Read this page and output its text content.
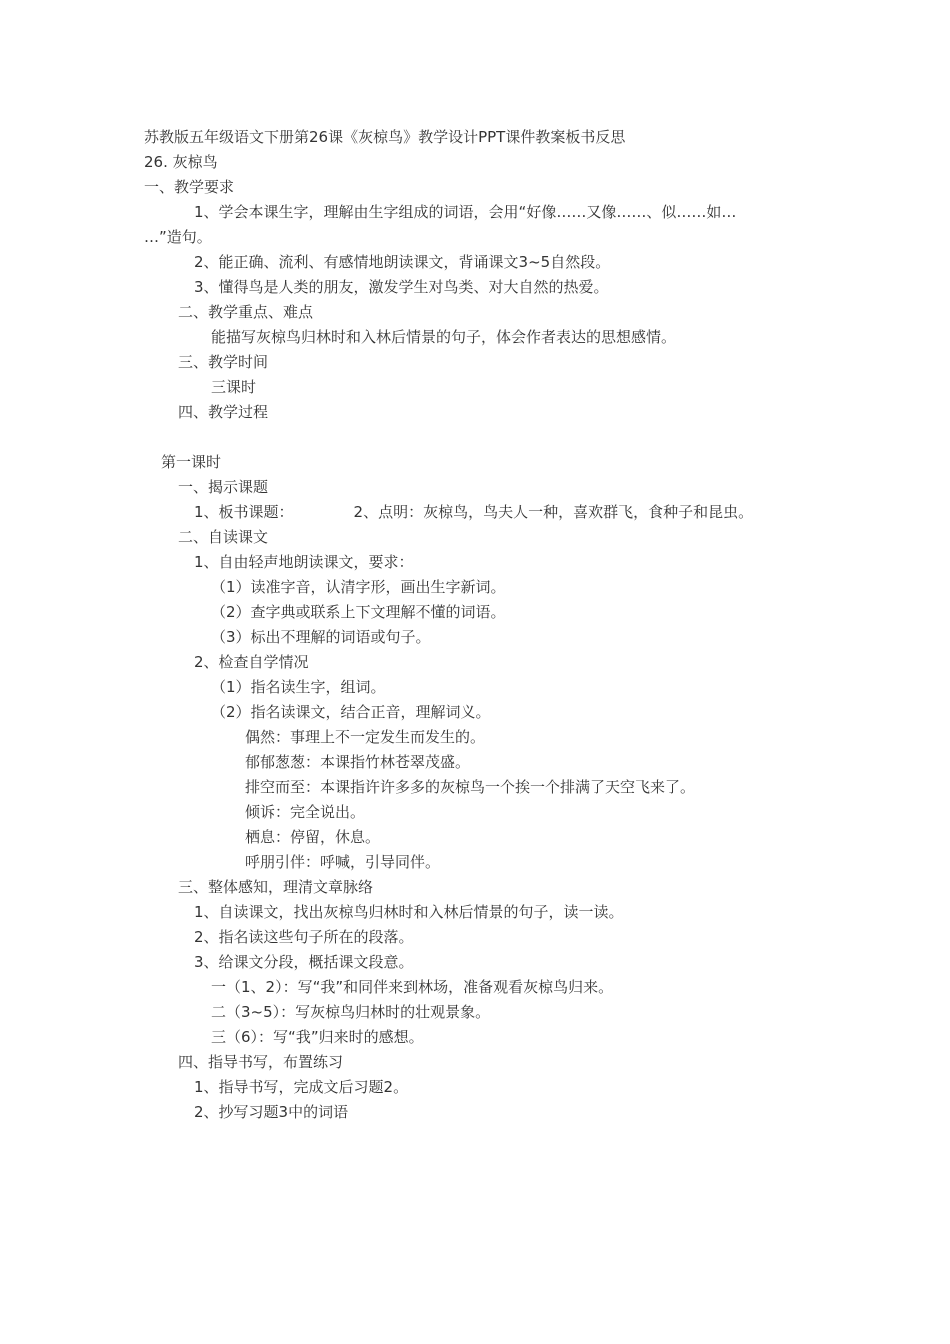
苏教版五年级语文下册第26课《灰椋鸟》教学设计PPT课件教案板书反思
26. 灰椋鸟
一、教学要求
1、学会本课生字，理解由生字组成的词语，会用“好像……又像……、似……如…
…”造句。
2、能正确、流利、有感情地朗读课文，背诵课文3~5自然段。
3、懂得鸟是人类的朋友，激发学生对鸟类、对大自然的热爱。
二、教学重点、难点
能描写灰椋鸟归林时和入林后情景的句子，体会作者表达的思想感情。
三、教学时间
三课时
四、教学过程
第一课时
一、揭示课题
1、板书课题：	2、点明：灰椋鸟，鸟夫人一种，喜欢群飞，食种子和昆虫。
二、自读课文
1、自由轻声地朗读课文，要求：
（1）读准字音，认清字形，画出生字新词。
（2）查字典或联系上下文理解不懂的词语。
（3）标出不理解的词语或句子。
2、检查自学情况
（1）指名读生字，组词。
（2）指名读课文，结合正音，理解词义。
偶然：事理上不一定发生而发生的。
郁郁葱葱：本课指竹林苍翠茂盛。
排空而至：本课指许许多多的灰椋鸟一个挨一个排满了天空飞来了。
倾诉：完全说出。
栖息：停留，休息。
呼朋引伴：呼喊，引导同伴。
三、整体感知，理清文章脉络
1、自读课文，找出灰椋鸟归林时和入林后情景的句子，读一读。
2、指名读这些句子所在的段落。
3、给课文分段，概括课文段意。
一（1、2）：写“我”和同伴来到林场，准备观看灰椋鸟归来。
二（3~5）：写灰椋鸟归林时的壮观景象。
三（6）：写“我”归来时的感想。
四、指导书写，布置练习
1、指导书写，完成文后习题2。
2、抄写习题3中的词语
